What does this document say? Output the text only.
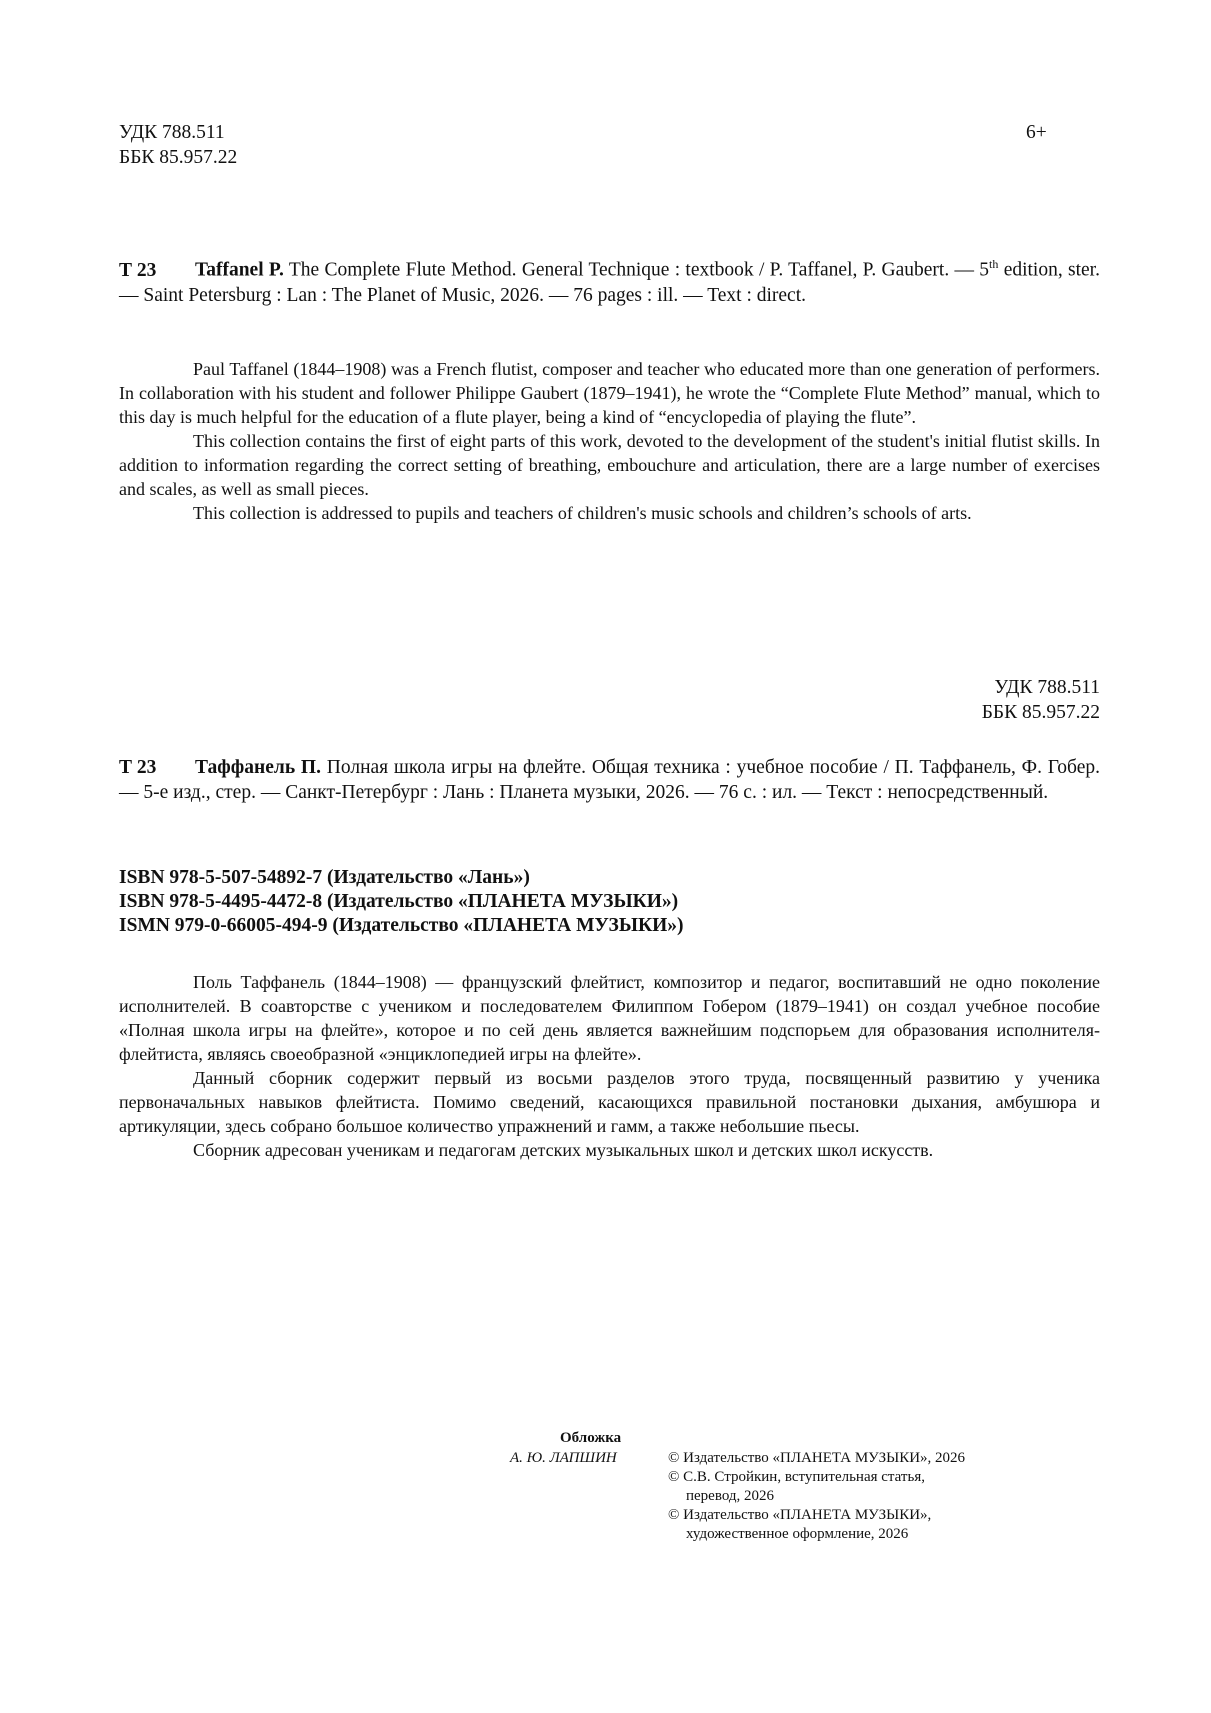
УДК 788.511
ББК 85.957.22
6+
Т 23 Taffanel P. The Complete Flute Method. General Technique : textbook / P. Taffanel, P. Gaubert. — 5th edition, ster. — Saint Petersburg : Lan : The Planet of Music, 2026. — 76 pages : ill. — Text : direct.

Paul Taffanel (1844–1908) was a French flutist, composer and teacher who educated more than one generation of performers. In collaboration with his student and follower Philippe Gaubert (1879–1941), he wrote the “Complete Flute Method” manual, which to this day is much helpful for the education of a flute player, being a kind of “encyclopedia of playing the flute”.

This collection contains the first of eight parts of this work, devoted to the development of the student's initial flutist skills. In addition to information regarding the correct setting of breathing, embouchure and articulation, there are a large number of exercises and scales, as well as small pieces.

This collection is addressed to pupils and teachers of children's music schools and children’s schools of arts.

УДК 788.511
ББК 85.957.22
Т 23 Таффанель П. Полная школа игры на флейте. Общая техника : учебное пособие / П. Таффанель, Ф. Гобер. — 5-е изд., стер. — Санкт-Петербург : Лань : Планета музыки, 2026. — 76 с. : ил. — Текст : непосредственный.
ISBN 978-5-507-54892-7 (Издательство «Лань»)
ISBN 978-5-4495-4472-8 (Издательство «ПЛАНЕТА МУЗЫКИ»)
ISMN 979-0-66005-494-9 (Издательство «ПЛАНЕТА МУЗЫКИ»)

Поль Таффанель (1844–1908) — французский флейтист, композитор и педагог, воспитавший не одно поколение исполнителей. В соавторстве с учеником и последователем Филиппом Гобером (1879–1941) он создал учебное пособие «Полная школа игры на флейте», которое и по сей день является важнейшим подспорьем для образования исполнителя-флейтиста, являясь своеобразной «энциклопедией игры на флейте».

Данный сборник содержит первый из восьми разделов этого труда, посвященный развитию у ученика первоначальных навыков флейтиста. Помимо сведений, касающихся правильной постановки дыхания, амбушюра и артикуляции, здесь собрано большое количество упражнений и гамм, а также небольшие пьесы.

Сборник адресован ученикам и педагогам детских музыкальных школ и детских школ искусств.

Обложка
А. Ю. ЛАПШИН	© Издательство «ПЛАНЕТА МУЗЫКИ», 2026
© С.В. Стройкин, вступительная статья,
перевод, 2026
© Издательство «ПЛАНЕТА МУЗЫКИ»,
художественное оформление, 2026
